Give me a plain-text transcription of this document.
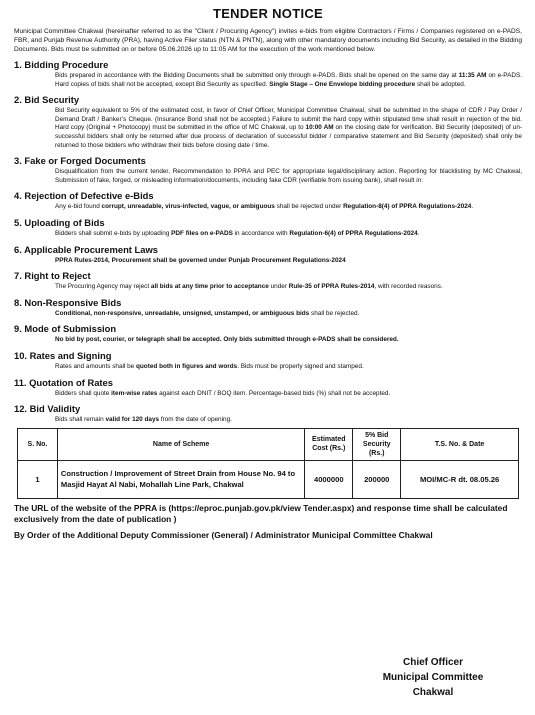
TENDER NOTICE
Municipal Committee Chakwal (hereinafter referred to as the "Client / Procuring Agency") invites e-bids from eligible Contractors / Firms / Companies registered on e-PADS, FBR, and Punjab Revenue Authority (PRA), having Active Filer status (NTN & PNTN), along with other mandatory documents including Bid Security, as detailed in the Bidding Documents. Bids must be submitted on or before 05.06.2026 up to 11:05 AM for the execution of the work mentioned below.
1. Bidding Procedure
Bids prepared in accordance with the Bidding Documents shall be submitted only through e-PADS. Bids shall be opened on the same day at 11:35 AM on e-PADS. Hard copies of bids shall not be accepted, except Bid Security as specified. Single Stage – One Envelope bidding procedure shall be adopted.
2. Bid Security
Bid Security equivalent to 5% of the estimated cost, in favor of Chief Officer, Municipal Committee Chakwal, shall be submitted in the shape of CDR / Pay Order / Demand Draft / Banker’s Cheque. (Insurance Bond shall not be accepted.) Failure to submit the hard copy within stipulated time shall result in rejection of the bid. Hard copy (Original + Photocopy) must be submitted in the office of MC Chakwal, up to 10:00 AM on the closing date for verification. Bid Security (deposited) of un-successful bidders shall only be returned after due process of declaration of successful bidder / comparative statement and Bid Security (deposited) shall only be returned to those bidders who withdraw their bids before closing date / time.
3. Fake or Forged Documents
Disqualification from the current tender, Recommendation to PPRA and PEC for appropriate legal/disciplinary action. Reporting for blacklisting by MC Chakwal, Submission of fake, forged, or misleading information/documents, including fake CDR (verifiable from issuing bank), shall result in:
4. Rejection of Defective e-Bids
Any e-bid found corrupt, unreadable, virus-infected, vague, or ambiguous shall be rejected under Regulation-8(4) of PPRA Regulations-2024.
5. Uploading of Bids
Bidders shall submit e-bids by uploading PDF files on e-PADS in accordance with Regulation-6(4) of PPRA Regulations-2024.
6. Applicable Procurement Laws
PPRA Rules-2014, Procurement shall be governed under Punjab Procurement Regulations-2024
7. Right to Reject
The Procuring Agency may reject all bids at any time prior to acceptance under Rule-35 of PPRA Rules-2014, with recorded reasons.
8. Non-Responsive Bids
Conditional, non-responsive, unreadable, unsigned, unstamped, or ambiguous bids shall be rejected.
9. Mode of Submission
No bid by post, courier, or telegraph shall be accepted. Only bids submitted through e-PADS shall be considered.
10. Rates and Signing
Rates and amounts shall be quoted both in figures and words. Bids must be properly signed and stamped.
11. Quotation of Rates
Bidders shall quote item-wise rates against each DNIT / BOQ item. Percentage-based bids (%) shall not be accepted.
12. Bid Validity
Bids shall remain valid for 120 days from the date of opening.
S. No.	Name of Scheme	Estimated Cost (Rs.)	5% Bid Security (Rs.)	T.S. No. & Date
1	Construction / Improvement of Street Drain from House No. 94 to Masjid Hayat Al Nabi, Mohallah Line Park, Chakwal	4000000	200000	MOI/MC-R dt. 08.05.26
The URL of the website of the PPRA is (https://eproc.punjab.gov.pk/view Tender.aspx) and response time shall be calculated exclusively from the date of publication )
By Order of the Additional Deputy Commissioner (General) / Administrator Municipal Committee Chakwal
Chief Officer
Municipal Committee
Chakwal
